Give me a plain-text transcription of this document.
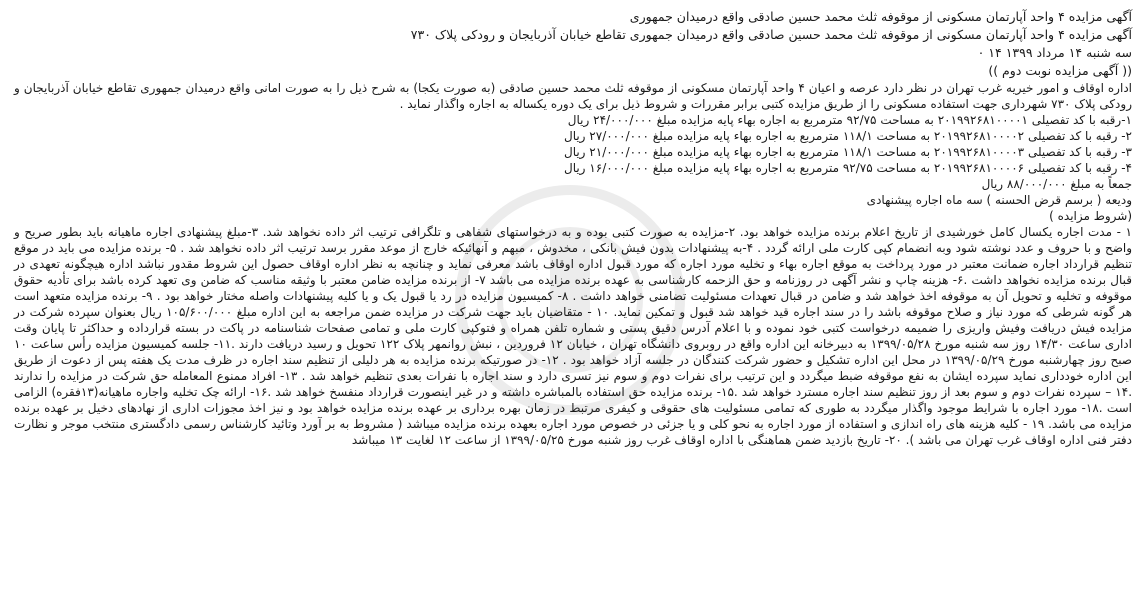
آگهی مزایده ۴ واحد آپارتمان مسکونی از موقوفه ثلث محمد حسین صادقی واقع درمیدان جمهوری

آگهی مزایده ۴ واحد آپارتمان مسکونی از موقوفه ثلث محمد حسین صادقی واقع درمیدان جمهوری تقاطع خیابان آذربایجان و رودکی پلاک ۷۳۰

سه شنبه ۱۴ مرداد ۱۳۹۹ ۱۴ ۰

(( آگهی مزایده نوبت دوم ))

اداره اوقاف و امور خیریه غرب تهران در نظر دارد عرصه و اعیان ۴ واحد آپارتمان مسکونی از موقوفه ثلث محمد حسین صادقی (به صورت یکجا) به شرح ذیل را به صورت امانی واقع درمیدان جمهوری تقاطع خیابان آذربایجان و رودکی پلاک ۷۳۰ شهرداری جهت استفاده مسکونی را از طریق مزایده کتبی برابر مقررات و شروط ذیل برای یک دوره یکساله به اجاره واگذار نماید .

۱-رقبه با کد تفصیلی ۲۰۱۹۹۲۶۸۱۰۰۰۰۱ به مساحت ۹۲/۷۵ مترمربع به اجاره بهاء پایه مزایده مبلغ ۲۴/۰۰۰/۰۰۰ ریال

۲- رقبه با کد تفصیلی ۲۰۱۹۹۲۶۸۱۰۰۰۰۲ به مساحت ۱۱۸/۱ مترمربع به اجاره بهاء پایه مزایده مبلغ ۲۷/۰۰۰/۰۰۰ ریال

۳- رقبه با کد تفصیلی ۲۰۱۹۹۲۶۸۱۰۰۰۰۳ به مساحت ۱۱۸/۱ مترمربع به اجاره بهاء پایه مزایده مبلغ ۲۱/۰۰۰/۰۰۰ ریال

۴- رقبه با کد تفصیلی ۲۰۱۹۹۲۶۸۱۰۰۰۰۶ به مساحت ۹۲/۷۵ مترمربع به اجاره بهاء پایه مزایده مبلغ ۱۶/۰۰۰/۰۰۰ ریال

جمعاً به مبلغ ۸۸/۰۰۰/۰۰۰ ریال

ودیعه ( برسم قرض الحسنه ) سه ماه اجاره پیشنهادی

(شروط مزایده )

۱ - مدت اجاره یکسال کامل خورشیدی از تاریخ اعلام برنده مزایده خواهد بود. ۲-مزایده به صورت کتبی بوده و به درخواستهای شفاهی و تلگرافی ترتیب اثر داده نخواهد شد. ۳-مبلغ پیشنهادی اجاره ماهیانه باید بطور صریح و واضح و با حروف و عدد نوشته شود وبه انضمام کپی کارت ملی ارائه گردد . ۴-به پیشنهادات بدون فیش بانکی ، مخدوش ، مبهم و آنهائیکه خارج از موعد مقرر برسد ترتیب اثر داده نخواهد شد . ۵- برنده مزایده می باید در موقع تنظیم قرارداد اجاره ضمانت معتبر در مورد پرداخت به موقع اجاره بهاء و تخلیه مورد اجاره که مورد قبول اداره اوقاف باشد معرفی نماید و چنانچه به نظر اداره اوقاف حصول این شروط مقدور نباشد اداره هیچگونه تعهدی در قبال برنده مزایده نخواهد داشت .۶- هزینه چاپ و نشر آگهی در روزنامه و حق الزحمه کارشناسی به عهده برنده مزایده می باشد ۷- از برنده مزایده ضامن معتبر با وثیقه مناسب که ضامن وی تعهد کرده باشد برای تأدیه حقوق موقوفه و تخلیه و تحویل آن به موقوفه اخذ خواهد شد و ضامن در قبال تعهدات مسئولیت تضامنی خواهد داشت . ۸- کمیسیون مزایده در رد یا قبول یک و یا کلیه پیشنهادات واصله مختار خواهد بود . ۹- برنده مزایده متعهد است هر گونه شرطی که مورد نیاز و صلاح موقوفه باشد را در سند اجاره قید خواهد شد قبول و تمکین نماید. ۱۰ - متقاضیان باید جهت شرکت در مزایده ضمن مراجعه به این اداره مبلغ ۱۰۵/۶۰۰/۰۰۰ ریال بعنوان سپرده شرکت در مزایده فیش دریافت وفیش واریزی را ضمیمه درخواست کتبی خود نموده و با اعلام آدرس دقیق پستی و شماره تلفن همراه و فتوکپی کارت ملی و تمامی صفحات شناسنامه در پاکت در بسته قرارداده و حداکثر تا پایان وقت اداری ساعت ۱۴/۳۰ روز سه شنبه مورخ ۱۳۹۹/۰۵/۲۸ به دبیرخانه این اداره واقع در روبروی دانشگاه تهران ، خیابان ۱۲ فروردین ، نبش روانمهر پلاک ۱۲۲ تحویل و رسید دریافت دارند .۱۱- جلسه کمیسیون مزایده رأس ساعت ۱۰ صبح روز چهارشنبه مورخ ۱۳۹۹/۰۵/۲۹ در محل این اداره تشکیل و حضور شرکت کنندگان در جلسه آزاد خواهد بود . ۱۲- در صورتیکه برنده مزایده به هر دلیلی از تنظیم سند اجاره در ظرف مدت یک هفته پس از دعوت از طریق این اداره خودداری نماید سپرده ایشان به نفع موقوفه ضبط میگردد و این ترتیب برای نفرات دوم و سوم نیز تسری دارد و سند اجاره با نفرات بعدی تنظیم خواهد شد . ۱۳- افراد ممنوع المعامله حق شرکت در مزایده را ندارند .۱۴ – سپرده نفرات دوم و سوم بعد از روز تنظیم سند اجاره مسترد خواهد شد .۱۵- برنده مزایده حق استفاده بالمباشره داشته و در غیر اینصورت قرارداد منفسخ خواهد شد .۱۶- ارائه چک تخلیه واجاره ماهیانه(۱۳فقره) الزامی است .۱۸- مورد اجاره با شرایط موجود واگذار میگردد به طوری که تمامی مسئولیت های حقوقی و کیفری مرتبط در زمان بهره برداری بر عهده برنده مزایده خواهد بود و نیز اخذ مجوزات اداری از نهادهای دخیل بر عهده برنده مزایده می باشد. ۱۹ - کلیه هزینه های راه اندازی و استفاده از مورد اجاره به نحو کلی و یا جزئی در خصوص مورد اجاره بعهده برنده مزایده میباشد ( مشروط به بر آورد وتائید کارشناس رسمی دادگستری منتخب موجر و نظارت دفتر فنی اداره اوقاف غرب تهران می باشد ). ۲۰- تاریخ بازدید ضمن هماهنگی با اداره اوقاف غرب روز شنبه مورخ ۱۳۹۹/۰۵/۲۵ از ساعت ۱۲ لغایت ۱۳ میباشد
